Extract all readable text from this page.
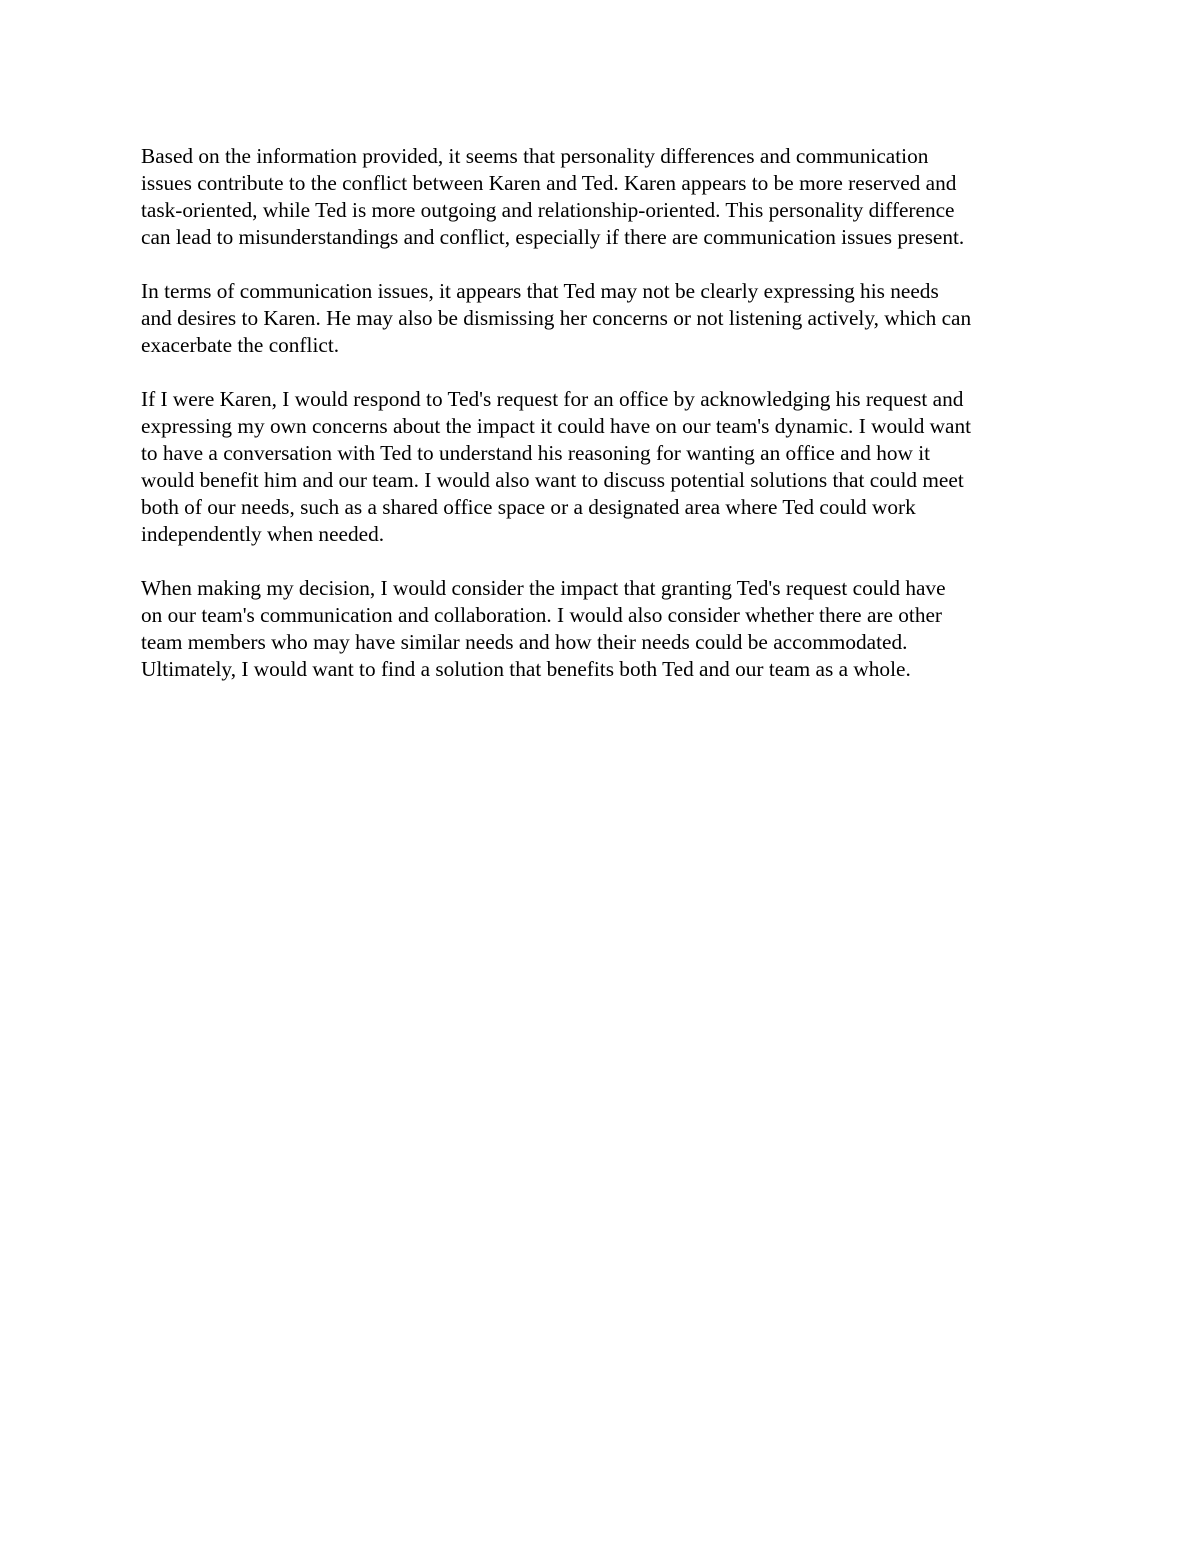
Based on the information provided, it seems that personality differences and communication
issues contribute to the conflict between Karen and Ted. Karen appears to be more reserved and
task-oriented, while Ted is more outgoing and relationship-oriented. This personality difference
can lead to misunderstandings and conflict, especially if there are communication issues present.

In terms of communication issues, it appears that Ted may not be clearly expressing his needs
and desires to Karen. He may also be dismissing her concerns or not listening actively, which can
exacerbate the conflict.

If I were Karen, I would respond to Ted's request for an office by acknowledging his request and
expressing my own concerns about the impact it could have on our team's dynamic. I would want
to have a conversation with Ted to understand his reasoning for wanting an office and how it
would benefit him and our team. I would also want to discuss potential solutions that could meet
both of our needs, such as a shared office space or a designated area where Ted could work
independently when needed.

When making my decision, I would consider the impact that granting Ted's request could have
on our team's communication and collaboration. I would also consider whether there are other
team members who may have similar needs and how their needs could be accommodated.
Ultimately, I would want to find a solution that benefits both Ted and our team as a whole.
